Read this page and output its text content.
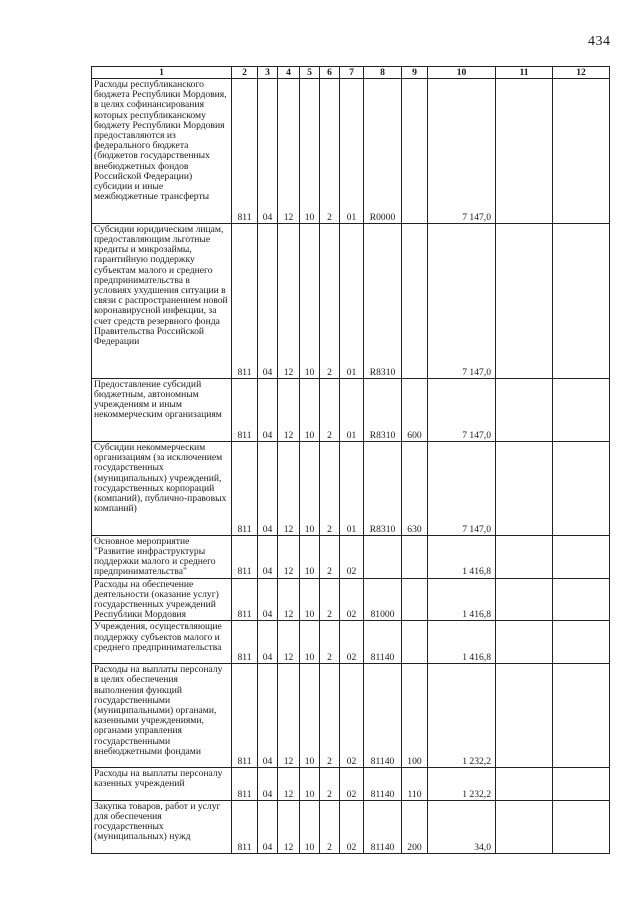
434
1	2	3	4	5	6	7	8	9	10	11	12

Расходы республиканского бюджета Республики Мордовия, в целях софинансирования которых республиканскому бюджету Республики Мордовия предоставляются из федерального бюджета (бюджетов государственных внебюджетных фондов Российской Федерации) субсидии и иные межбюджетные трансферты	811	04	12	10	2	01	R0000		7 147,0		

Субсидии юридическим лицам, предоставляющим льготные кредиты и микрозаймы, гарантийную поддержку субъектам малого и среднего предпринимательства в условиях ухудшения ситуации в связи с распространением новой коронавирусной инфекции, за счет средств резервного фонда Правительства Российской Федерации	811	04	12	10	2	01	R8310		7 147,0		

Предоставление субсидий бюджетным, автономным учреждениям и иным некоммерческим организациям	811	04	12	10	2	01	R8310	600	7 147,0		

Субсидии некоммерческим организациям (за исключением государственных (муниципальных) учреждений, государственных корпораций (компаний), публично-правовых компаний)	811	04	12	10	2	01	R8310	630	7 147,0		

Основное мероприятие "Развитие инфраструктуры поддержки малого и среднего предпринимательства"	811	04	12	10	2	02			1 416,8		

Расходы на обеспечение деятельности (оказание услуг) государственных учреждений Республики Мордовия	811	04	12	10	2	02	81000		1 416,8		

Учреждения, осуществляющие поддержку субъектов малого и среднего предпринимательства	811	04	12	10	2	02	81140		1 416,8		

Расходы на выплаты персоналу в целях обеспечения выполнения функций государственными (муниципальными) органами, казенными учреждениями, органами управления государственными внебюджетными фондами	811	04	12	10	2	02	81140	100	1 232,2		

Расходы на выплаты персоналу казенных учреждений	811	04	12	10	2	02	81140	110	1 232,2		

Закупка товаров, работ и услуг для обеспечения государственных (муниципальных) нужд	811	04	12	10	2	02	81140	200	34,0		
